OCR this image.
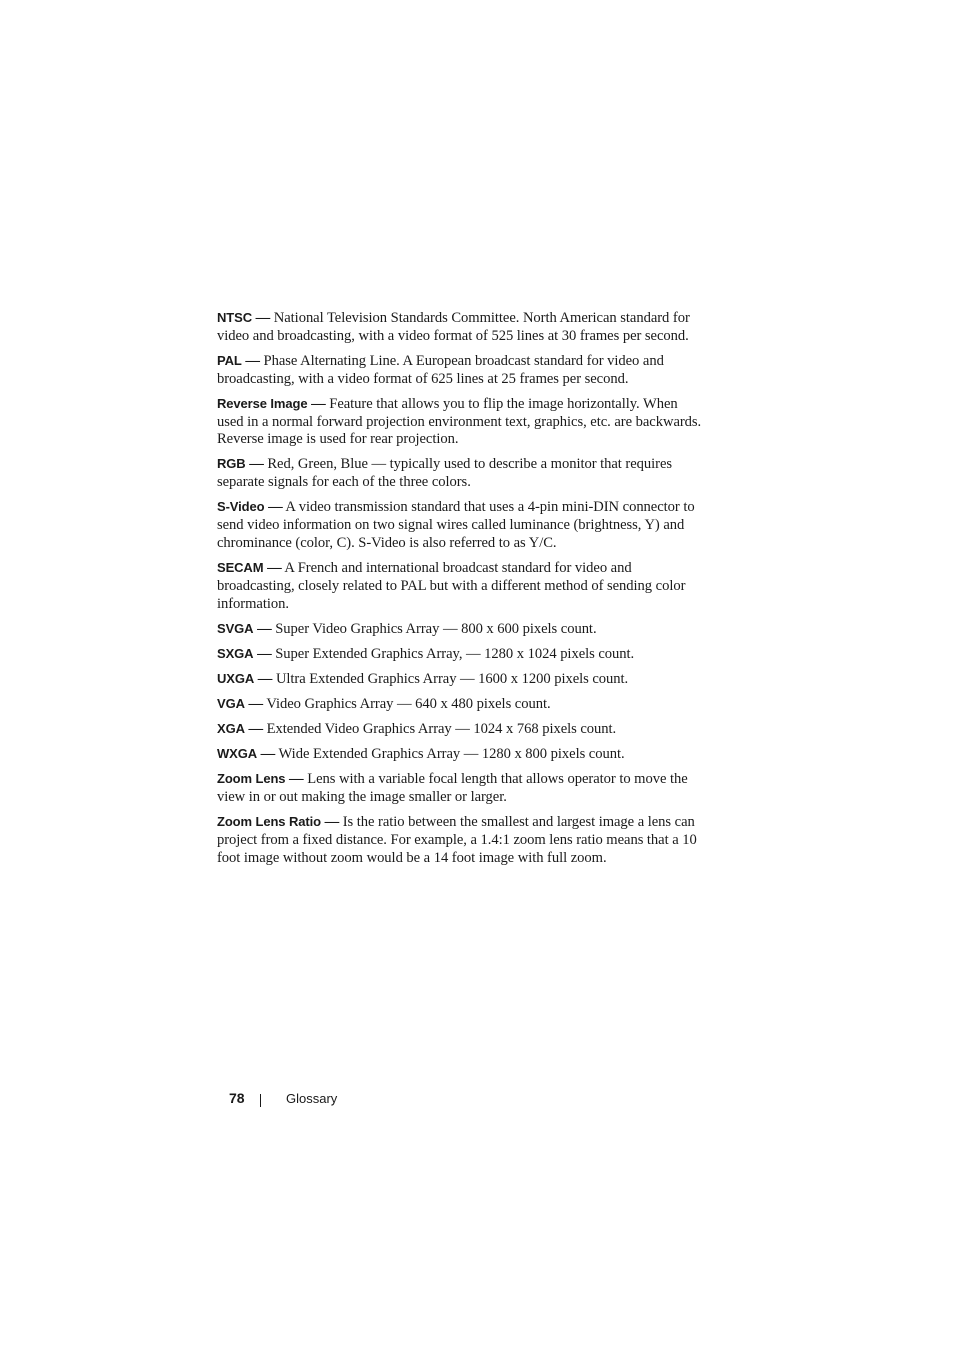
NTSC — National Television Standards Committee. North American standard for video and broadcasting, with a video format of 525 lines at 30 frames per second.

PAL — Phase Alternating Line. A European broadcast standard for video and broadcasting, with a video format of 625 lines at 25 frames per second.

Reverse Image — Feature that allows you to flip the image horizontally. When used in a normal forward projection environment text, graphics, etc. are backwards. Reverse image is used for rear projection.

RGB — Red, Green, Blue — typically used to describe a monitor that requires separate signals for each of the three colors.

S-Video — A video transmission standard that uses a 4-pin mini-DIN connector to send video information on two signal wires called luminance (brightness, Y) and chrominance (color, C). S-Video is also referred to as Y/C.

SECAM — A French and international broadcast standard for video and broadcasting, closely related to PAL but with a different method of sending color information.

SVGA — Super Video Graphics Array — 800 x 600 pixels count.

SXGA — Super Extended Graphics Array, — 1280 x 1024 pixels count.

UXGA — Ultra Extended Graphics Array — 1600 x 1200 pixels count.

VGA — Video Graphics Array — 640 x 480 pixels count.

XGA — Extended Video Graphics Array — 1024 x 768 pixels count.

WXGA — Wide Extended Graphics Array — 1280 x 800 pixels count.

Zoom Lens — Lens with a variable focal length that allows operator to move the view in or out making the image smaller or larger.

Zoom Lens Ratio — Is the ratio between the smallest and largest image a lens can project from a fixed distance. For example, a 1.4:1 zoom lens ratio means that a 10 foot image without zoom would be a 14 foot image with full zoom.

78	Glossary
